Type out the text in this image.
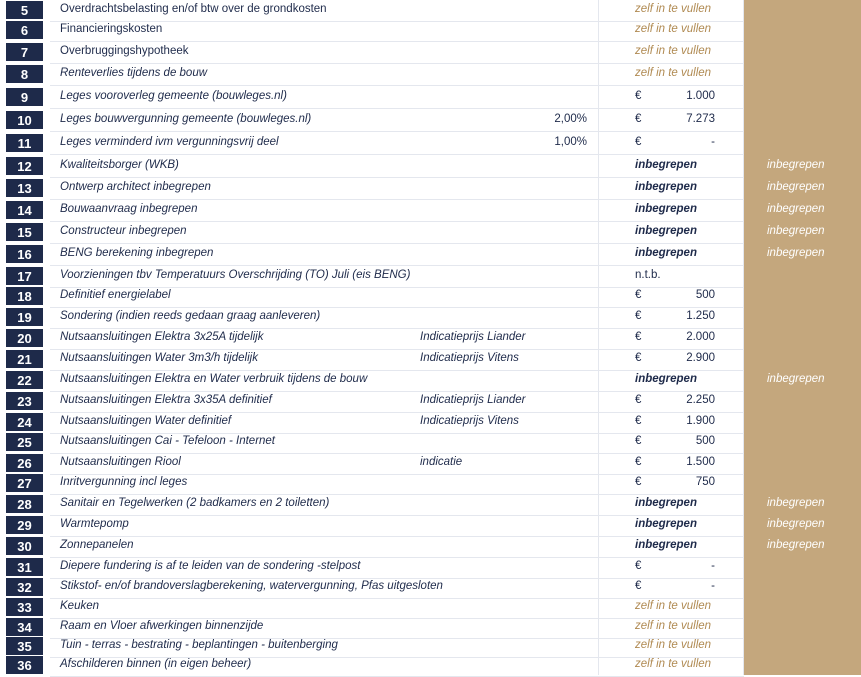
5	Overdrachtsbelasting en/of btw over de grondkosten	zelf in te vullen
6	Financieringskosten	zelf in te vullen
7	Overbruggingshypotheek	zelf in te vullen
8	Renteverlies tijdens de bouw	zelf in te vullen
9	Leges vooroverleg gemeente (bouwleges.nl)	€	1.000
10	Leges bouwvergunning gemeente (bouwleges.nl)	2,00%	€	7.273
11	Leges verminderd ivm vergunningsvrij deel	1,00%	€	-
12	Kwaliteitsborger (WKB)	inbegrepen	inbegrepen
13	Ontwerp architect inbegrepen	inbegrepen	inbegrepen
14	Bouwaanvraag inbegrepen	inbegrepen	inbegrepen
15	Constructeur inbegrepen	inbegrepen	inbegrepen
16	BENG berekening inbegrepen	inbegrepen	inbegrepen
17	Voorzieningen tbv Temperatuurs Overschrijding (TO) Juli (eis BENG)	n.t.b.
18	Definitief energielabel	€	500
19	Sondering (indien reeds gedaan graag aanleveren)	€	1.250
20	Nutsaansluitingen Elektra 3x25A tijdelijk	Indicatieprijs Liander	€	2.000
21	Nutsaansluitingen Water 3m3/h tijdelijk	Indicatieprijs Vitens	€	2.900
22	Nutsaansluitingen Elektra en Water verbruik tijdens de bouw	inbegrepen	inbegrepen
23	Nutsaansluitingen Elektra 3x35A definitief	Indicatieprijs Liander	€	2.250
24	Nutsaansluitingen Water definitief	Indicatieprijs Vitens	€	1.900
25	Nutsaansluitingen Cai - Tefeloon - Internet	€	500
26	Nutsaansluitingen Riool	indicatie	€	1.500
27	Inritvergunning incl leges	€	750
28	Sanitair en Tegelwerken (2 badkamers en 2 toiletten)	inbegrepen	inbegrepen
29	Warmtepomp	inbegrepen	inbegrepen
30	Zonnepanelen	inbegrepen	inbegrepen
31	Diepere fundering is af te leiden van de sondering -stelpost	€	-
32	Stikstof- en/of brandoverslagberekening, watervergunning, Pfas uitgesloten	€	-
33	Keuken	zelf in te vullen
34	Raam en Vloer afwerkingen binnenzijde	zelf in te vullen
35	Tuin - terras - bestrating - beplantingen - buitenberging	zelf in te vullen
36	Afschilderen binnen (in eigen beheer)	zelf in te vullen
